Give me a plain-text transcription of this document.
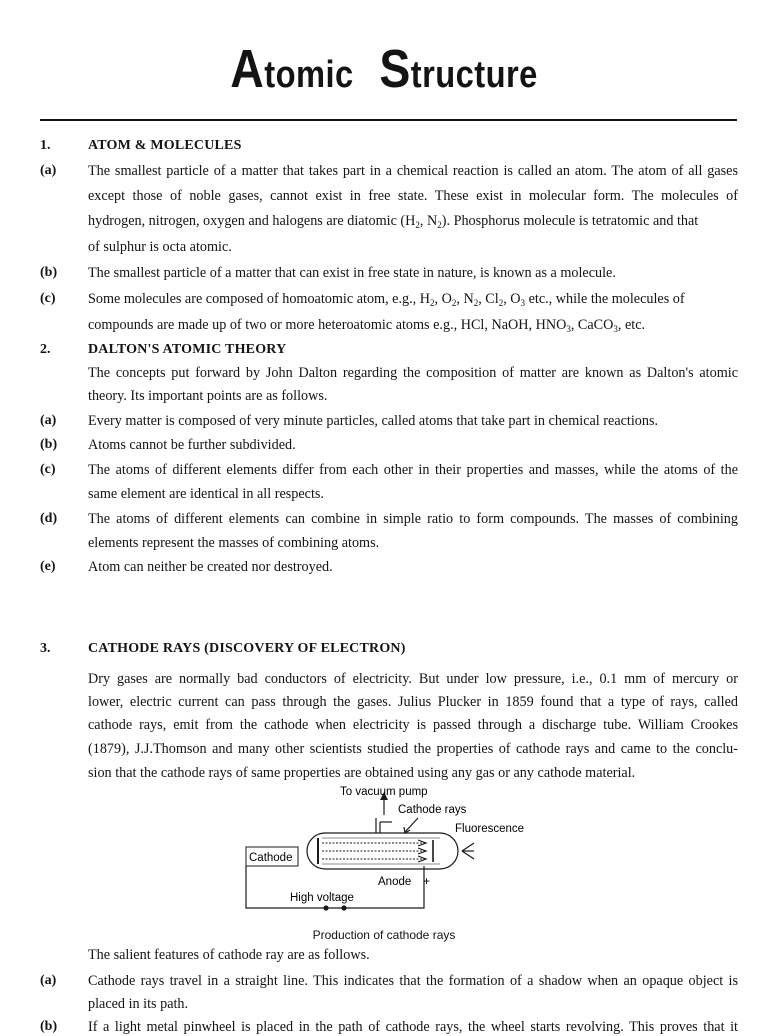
Atomic Structure
1.	ATOM & MOLECULES
(a) The smallest particle of a matter that takes part in a chemical reaction is called an atom. The atom of all gases
except those of noble gases, cannot exist in free state. These exist in molecular form. The molecules of
hydrogen, nitrogen, oxygen and halogens are diatomic ($H_2$, $N_2$). Phosphorus molecule is tetratomic and that
of sulphur is octa atomic.
(b) The smallest particle of a matter that can exist in free state in nature, is known as a molecule.
(c) Some molecules are composed of homoatomic atom, e.g., $H_2$, $O_2$, $N_2$, $Cl_2$, $O_3$ etc., while the molecules of
compounds are made up of two or more heteroatomic atoms e.g., HCl, NaOH, $HNO_3$, CaCO$_3$, etc.
2.	DALTON'S ATOMIC THEORY
The concepts put forward by John Dalton regarding the composition of matter are known as Dalton's atomic
theory. Its important points are as follows.
(a) Every matter is composed of very minute particles, called atoms that take part in chemical reactions.
(b) Atoms cannot be further subdivided.
(c) The atoms of different elements differ from each other in their properties and masses, while the atoms of the
same element are identical in all respects.
(d) The atoms of different elements can combine in simple ratio to form compounds. The masses of combining
elements represent the masses of combining atoms.
(e) Atom can neither be created nor destroyed.
3.	CATHODE RAYS (DISCOVERY OF ELECTRON)
Dry gases are normally bad conductors of electricity. But under low pressure, i.e., 0.1 mm of mercury or
lower, electric current can pass through the gases. Julius Plucker in 1859 found that a type of rays, called
cathode rays, emit from the cathode when electricity is passed through a discharge tube. William Crookes
(1879), J.J.Thomson and many other scientists studied the properties of cathode rays and came to the conclu-
sion that the cathode rays of same properties are obtained using any gas or any cathode material.
To vacuum pump
Cathode rays
Fluorescence
Cathode
Anode +
High voltage
Production of cathode rays
The salient features of cathode ray are as follows.
(a) Cathode rays travel in a straight line. This indicates that the formation of a shadow when an opaque object is
placed in its path.
(b) If a light metal pinwheel is placed in the path of cathode rays, the wheel starts revolving. This proves that it
